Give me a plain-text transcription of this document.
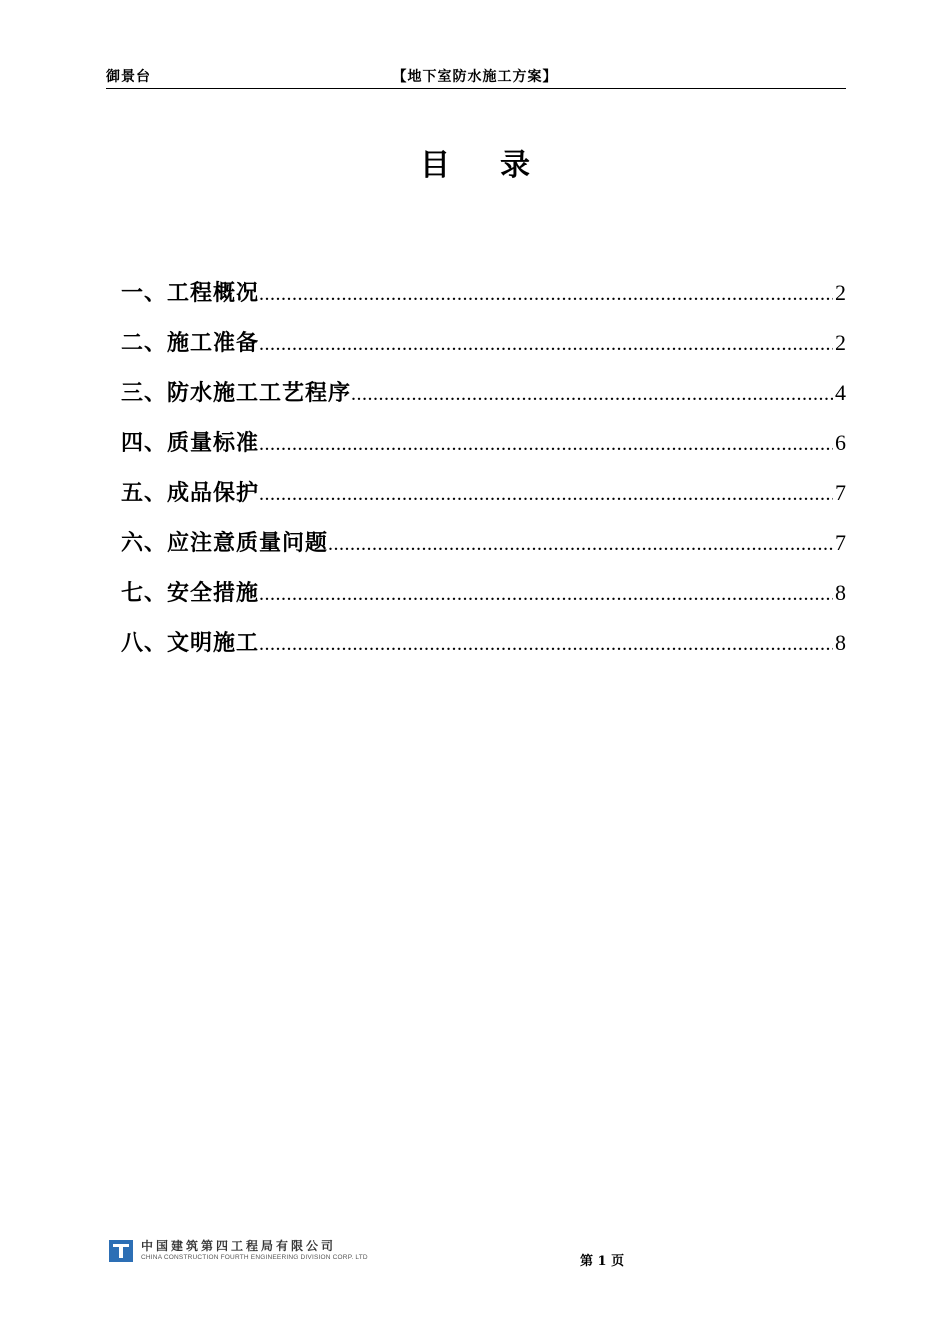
御景台	【地下室防水施工方案】
目录
一、工程概况 .....	2
二、施工准备 .....	2
三、防水施工工艺程序 .....	4
四、质量标准 .....	6
五、成品保护 .....	7
六、应注意质量问题 .....	7
七、安全措施 .....	8
八、文明施工 .....	8
中国建筑第四工程局有限公司
CHINA CONSTRUCTION FOURTH ENGINEERING DIVISION CORP. LTD	第 1 页
